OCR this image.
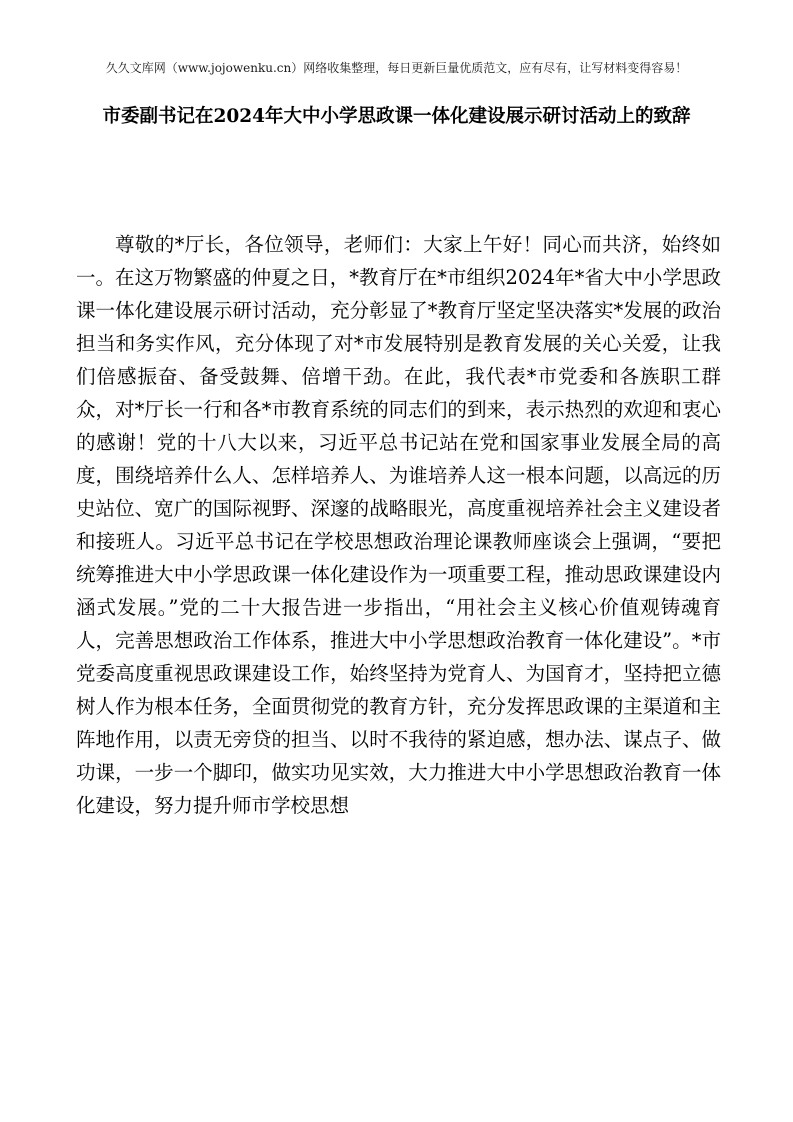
久久文库网（www.jojowenku.cn）网络收集整理，每日更新巨量优质范文，应有尽有，让写材料变得容易！
市委副书记在2024年大中小学思政课一体化建设展示研讨活动上的致辞

尊敬的*厅长，各位领导，老师们：大家上午好！同心而共济，始终如一。在这万物繁盛的仲夏之日，*教育厅在*市组织2024年*省大中小学思政课一体化建设展示研讨活动，充分彰显了*教育厅坚定坚决落实*发展的政治担当和务实作风，充分体现了对*市发展特别是教育发展的关心关爱，让我们倍感振奋、备受鼓舞、倍增干劲。在此，我代表*市党委和各族职工群众，对*厅长一行和各*市教育系统的同志们的到来，表示热烈的欢迎和衷心的感谢！党的十八大以来，习近平总书记站在党和国家事业发展全局的高度，围绕培养什么人、怎样培养人、为谁培养人这一根本问题，以高远的历史站位、宽广的国际视野、深邃的战略眼光，高度重视培养社会主义建设者和接班人。习近平总书记在学校思想政治理论课教师座谈会上强调，“要把统筹推进大中小学思政课一体化建设作为一项重要工程，推动思政课建设内涵式发展。”党的二十大报告进一步指出，“用社会主义核心价值观铸魂育人，完善思想政治工作体系，推进大中小学思想政治教育一体化建设”。*市党委高度重视思政课建设工作，始终坚持为党育人、为国育才，坚持把立德树人作为根本任务，全面贯彻党的教育方针，充分发挥思政课的主渠道和主阵地作用，以责无旁贷的担当、以时不我待的紧迫感，想办法、谋点子、做功课，一步一个脚印，做实功见实效，大力推进大中小学思想政治教育一体化建设，努力提升师市学校思想
